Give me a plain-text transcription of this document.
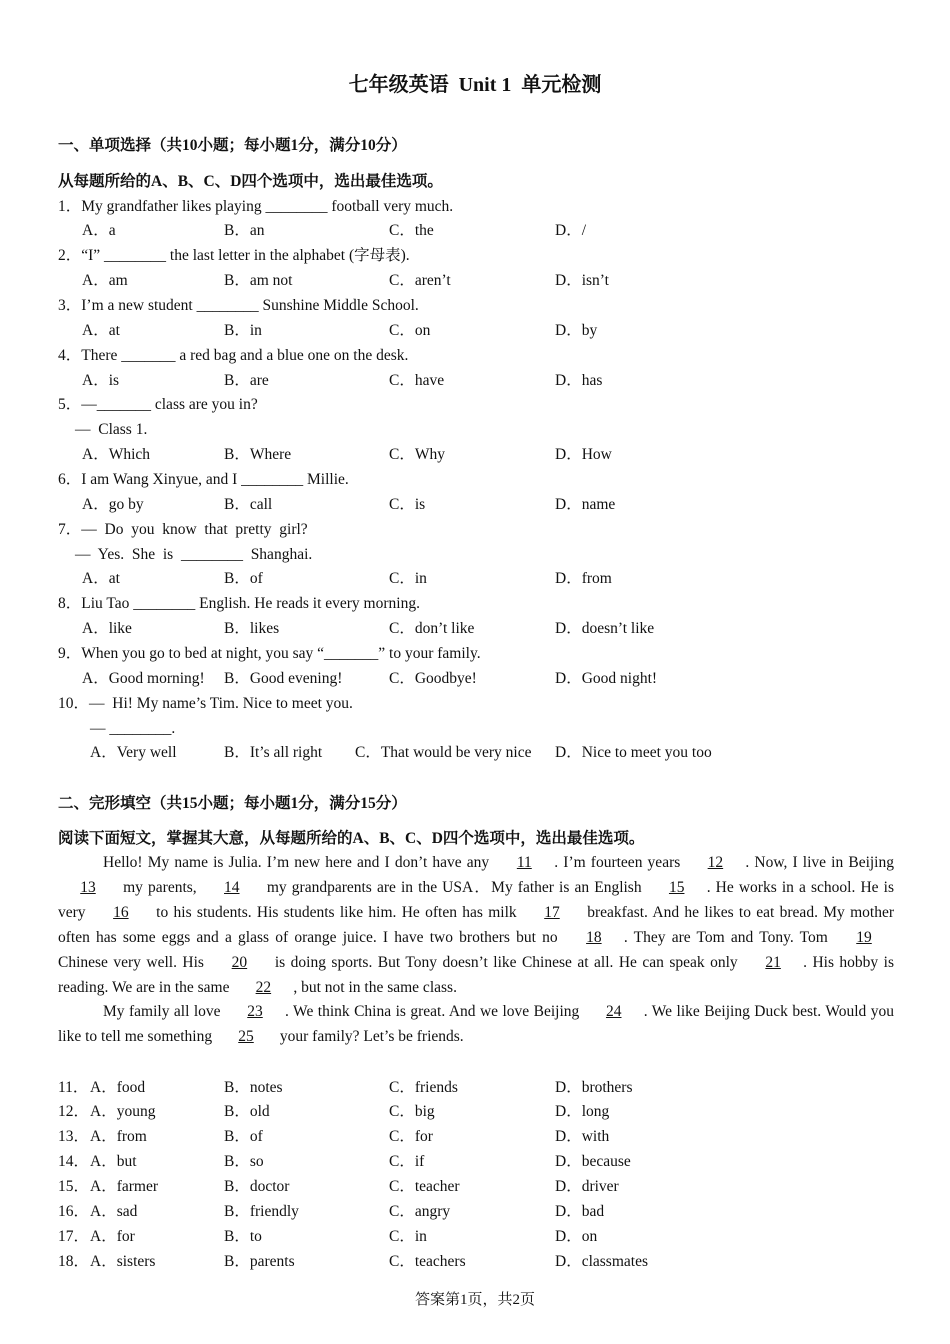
七年级英语  Unit 1  单元检测
一、单项选择（共10小题；每小题1分，满分10分）
从每题所给的A、B、C、D四个选项中，选出最佳选项。
1．My grandfather likes playing ________ football very much.
A．a	B．an	C．the	D．/
2．“I” ________ the last letter in the alphabet (字母表).
A．am	B．am not	C．aren’t	D．isn’t
3．I’m a new student ________ Sunshine Middle School.
A．at	B．in	C．on	D．by
4．There _______ a red bag and a blue one on the desk.
A．is	B．are	C．have	D．has
5．—_______ class are you in?
—  Class 1.
A．Which	B．Where	C．Why	D．How
6．I am Wang Xinyue, and I ________ Millie.
A．go by	B．call	C．is	D．name
7．—  Do  you  know  that  pretty  girl?
—  Yes.  She  is  ________  Shanghai.
A．at	B．of	C．in	D．from
8．Liu Tao ________ English. He reads it every morning.
A．like	B．likes	C．don’t like	D．doesn’t like
9．When you go to bed at night, you say “_______” to your family.
A．Good morning! B．Good evening!	C．Goodbye!	D．Good night!
10．—  Hi! My name’s Tim. Nice to meet you.
— ________.
A．Very well	B．It’s all right C．That would be very nice D．Nice to meet you too
二、完形填空（共15小题；每小题1分，满分15分）
阅读下面短文，掌握其大意，从每题所给的A、B、C、D四个选项中，选出最佳选项。

Hello! My name is Julia. I’m new here and I don’t have any 11 . I’m fourteen years 12 . Now, I live in Beijing 13 my parents, 14 my grandparents are in the USA．My father is an English 15 . He works in a school. He is very 16 to his students. His students like him. He often has milk 17 breakfast. And he likes to eat bread. My mother often has some eggs and a glass of orange juice. I have two brothers but no 18 . They are Tom and Tony. Tom 19 Chinese very well. His 20 is doing sports. But Tony doesn’t like Chinese at all. He can speak only 21 . His hobby is reading. We are in the same 22 , but not in the same class.

My family all love 23 . We think China is great. And we love Beijing 24 . We like Beijing Duck best. Would you like to tell me something 25 your family? Let’s be friends.

11． A．food	B．notes	C．friends	D．brothers
12． A．young	B．old	C．big	D．long
13． A．from	B．of	C．for	D．with
14． A．but	B．so	C．if	D．because
15． A．farmer	B．doctor	C．teacher	D．driver
16． A．sad	B．friendly	C．angry	D．bad
17． A．for	B．to	C．in	D．on
18． A．sisters	B．parents	C．teachers	D．classmates
答案第1页，共2页
